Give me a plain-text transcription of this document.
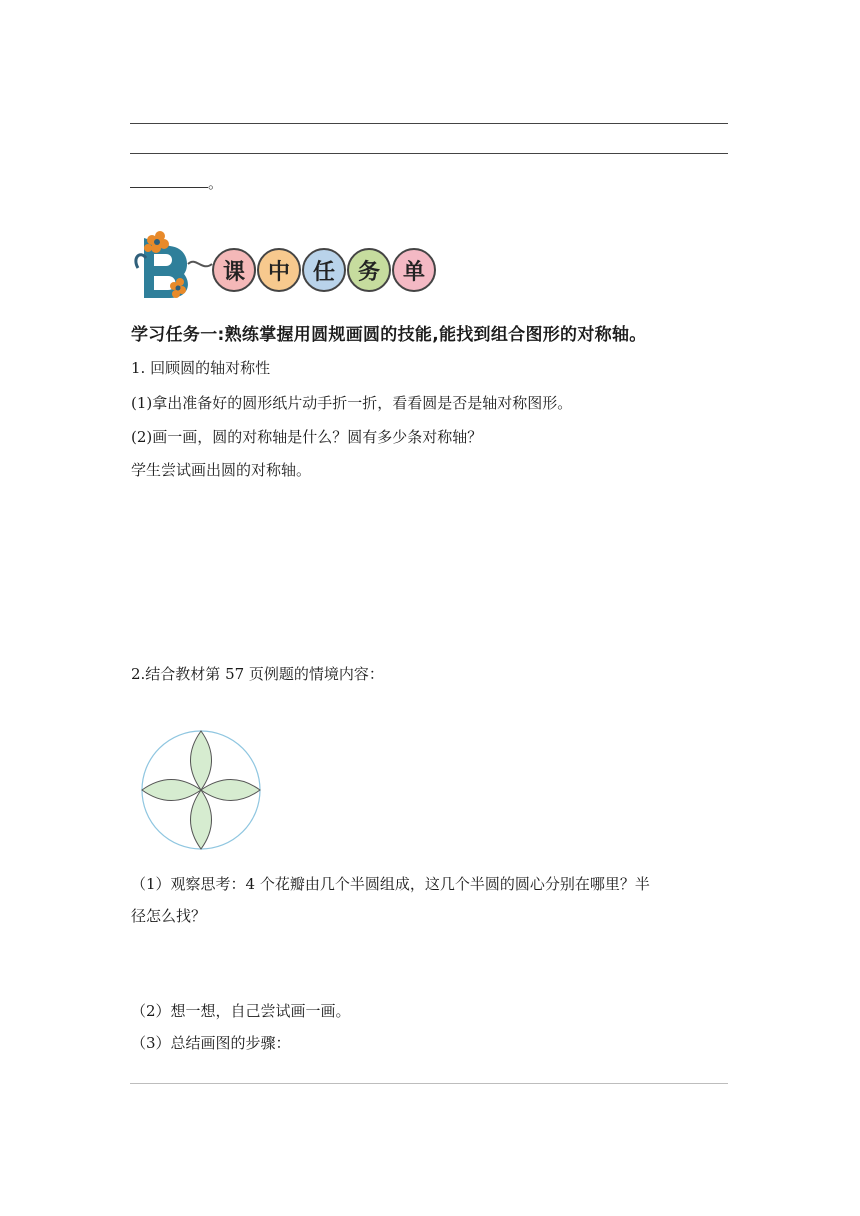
。
课 中 任 务 单
学习任务一:熟练掌握用圆规画圆的技能,能找到组合图形的对称轴。
1. 回顾圆的轴对称性
(1)拿出准备好的圆形纸片动手折一折，看看圆是否是轴对称图形。
(2)画一画，圆的对称轴是什么？圆有多少条对称轴？
学生尝试画出圆的对称轴。
2.结合教材第 57 页例题的情境内容：
（1）观察思考：4 个花瓣由几个半圆组成，这几个半圆的圆心分别在哪里？半
径怎么找？
（2）想一想，自己尝试画一画。
（3）总结画图的步骤：
